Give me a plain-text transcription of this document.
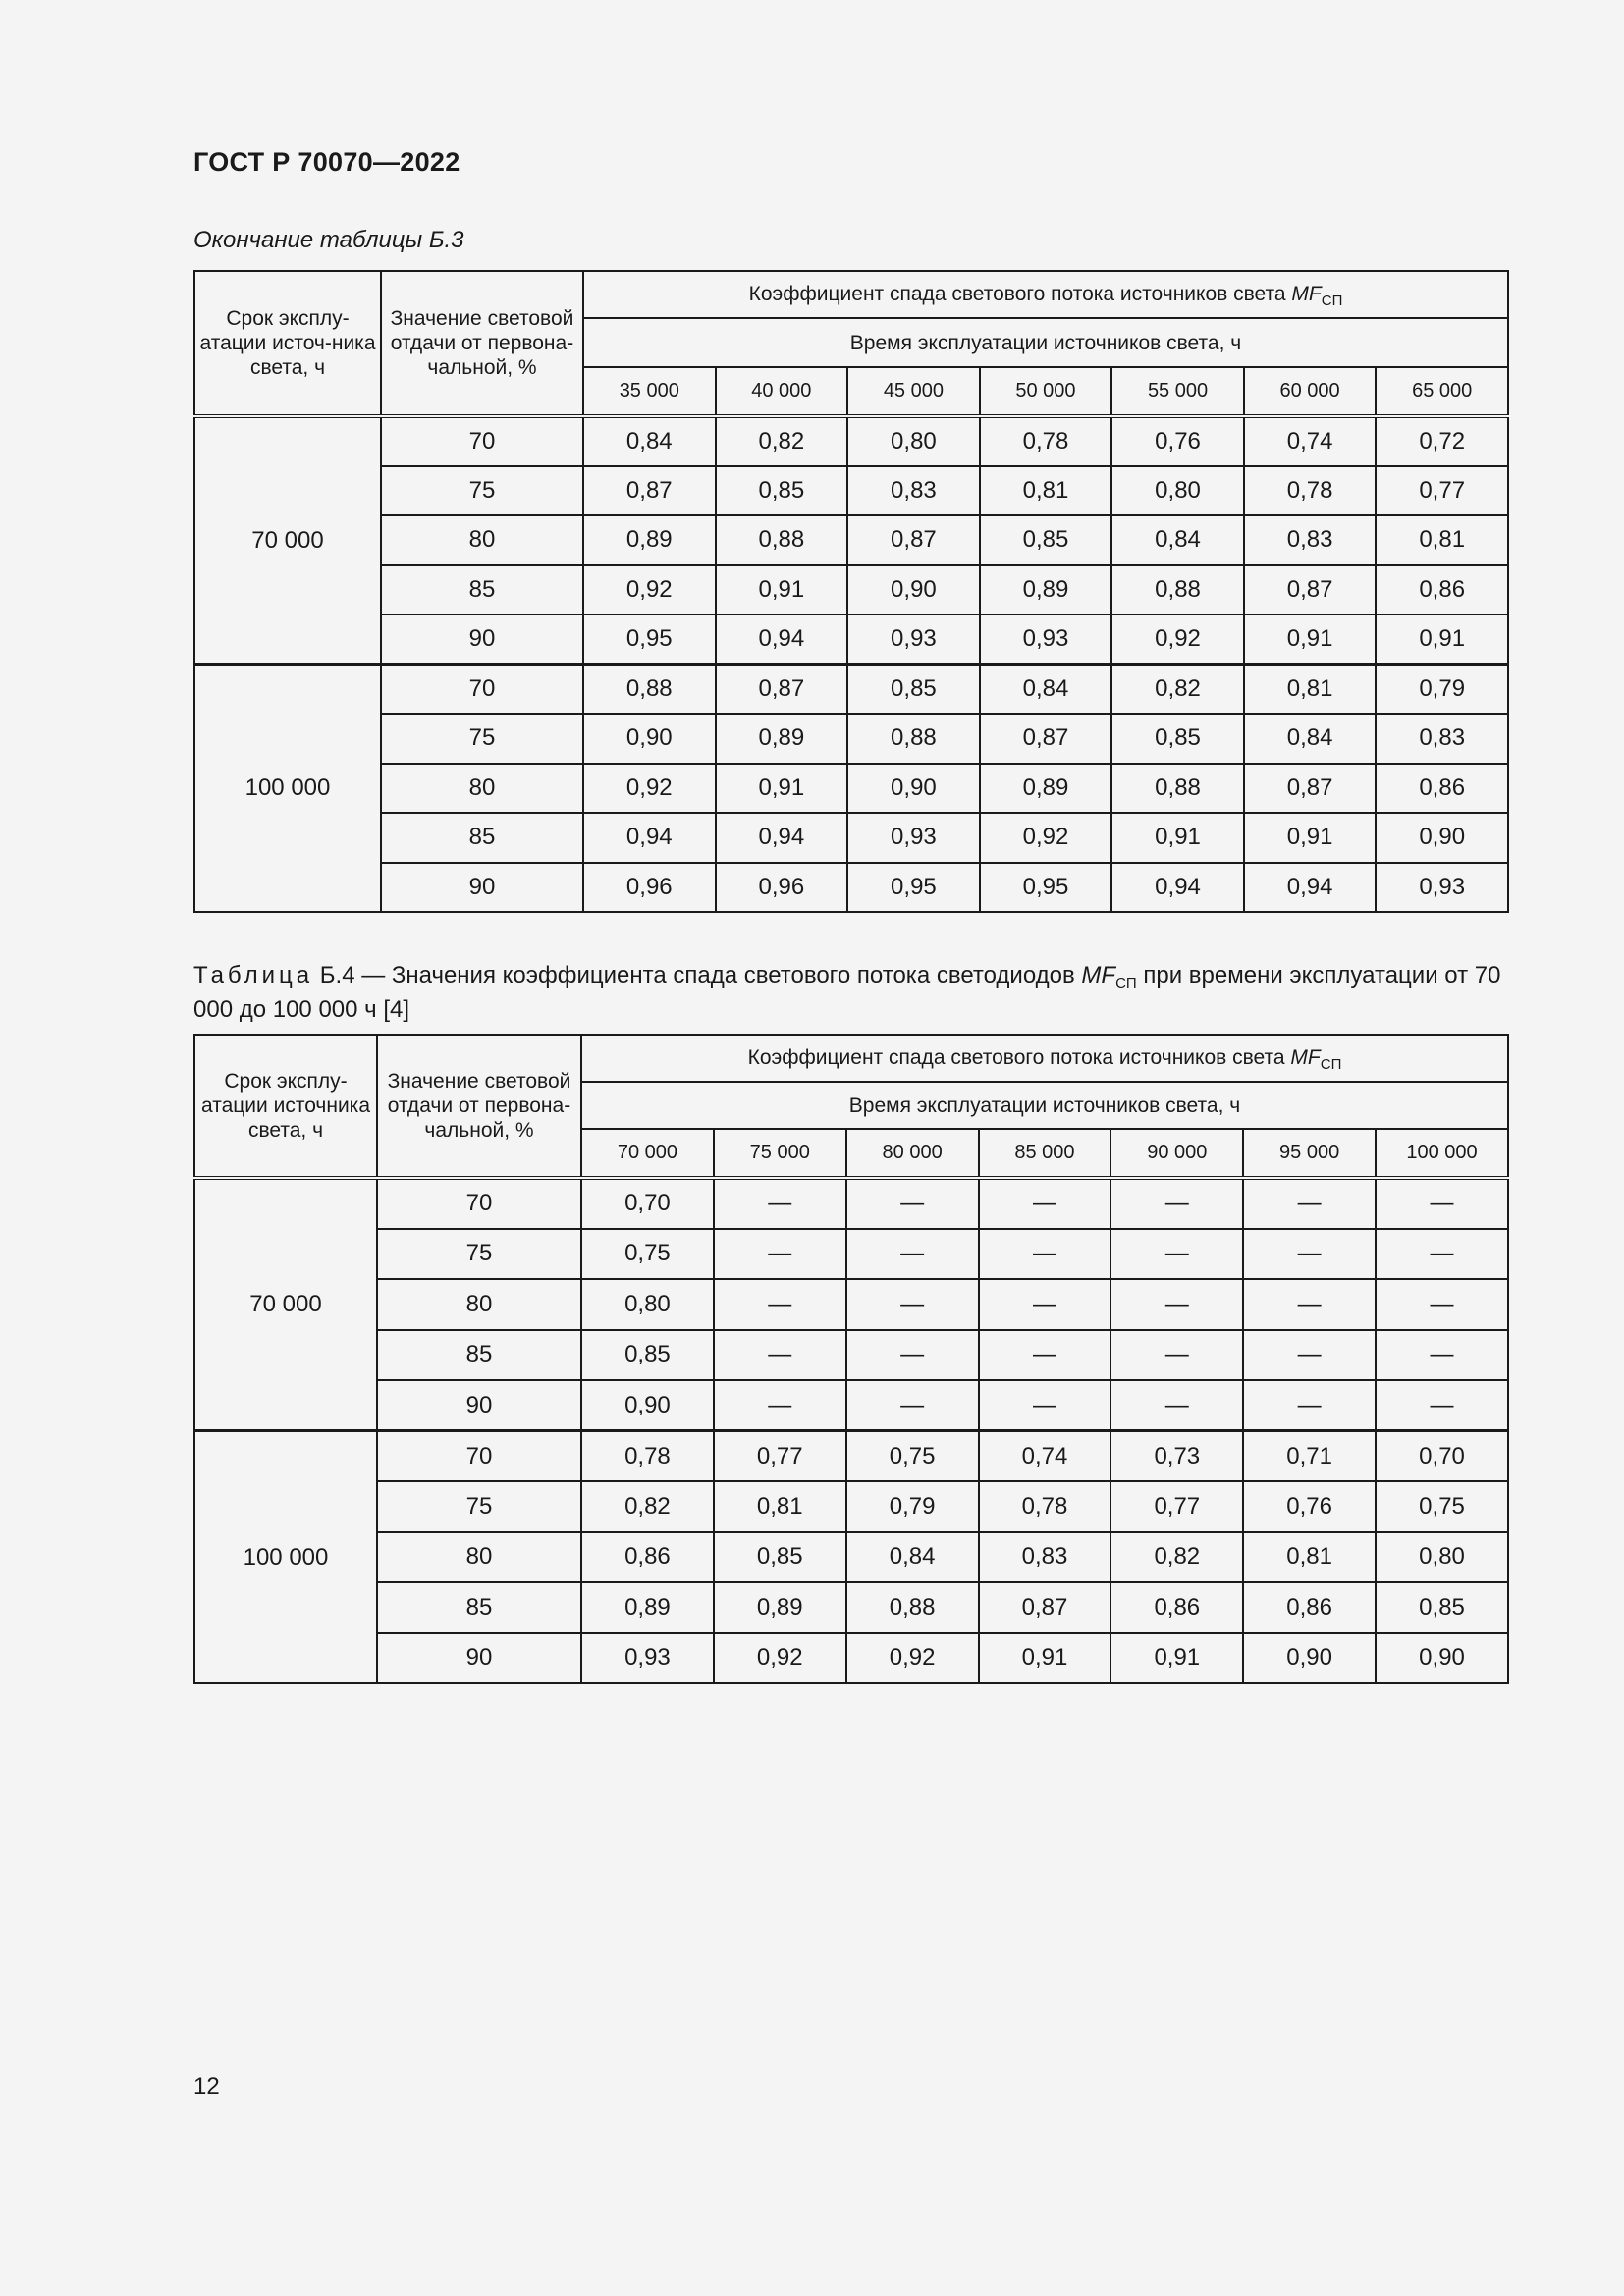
ГОСТ Р 70070—2022
Окончание таблицы Б.3
Срок эксплу-атации источ-ника света, ч	Значение световой отдачи от первона-чальной, %	Коэффициент спада светового потока источников света $MF_{СП}$
		Время эксплуатации источников света, ч						
		35 000	40 000	45 000	50 000	55 000	60 000	65 000
70 000	70	0,84	0,82	0,80	0,78	0,76	0,74	0,72
	75	0,87	0,85	0,83	0,81	0,80	0,78	0,77
	80	0,89	0,88	0,87	0,85	0,84	0,83	0,81
	85	0,92	0,91	0,90	0,89	0,88	0,87	0,86
	90	0,95	0,94	0,93	0,93	0,92	0,91	0,91
100 000	70	0,88	0,87	0,85	0,84	0,82	0,81	0,79
	75	0,90	0,89	0,88	0,87	0,85	0,84	0,83
	80	0,92	0,91	0,90	0,89	0,88	0,87	0,86
	85	0,94	0,94	0,93	0,92	0,91	0,91	0,90
	90	0,96	0,96	0,95	0,95	0,94	0,94	0,93
Таблица Б.4 — Значения коэффициента спада светового потока светодиодов $MF_{СП}$ при времени эксплуатации от 70 000 до 100 000 ч [4]
Срок эксплу-атации источника света, ч	Значение световой отдачи от первона-чальной, %	Коэффициент спада светового потока источников света $MF_{СП}$
		Время эксплуатации источников света, ч						
		70 000	75 000	80 000	85 000	90 000	95 000	100 000
70 000	70	0,70	—	—	—	—	—	—
	75	0,75	—	—	—	—	—	—
	80	0,80	—	—	—	—	—	—
	85	0,85	—	—	—	—	—	—
	90	0,90	—	—	—	—	—	—
100 000	70	0,78	0,77	0,75	0,74	0,73	0,71	0,70
	75	0,82	0,81	0,79	0,78	0,77	0,76	0,75
	80	0,86	0,85	0,84	0,83	0,82	0,81	0,80
	85	0,89	0,89	0,88	0,87	0,86	0,86	0,85
	90	0,93	0,92	0,92	0,91	0,91	0,90	0,90
12
